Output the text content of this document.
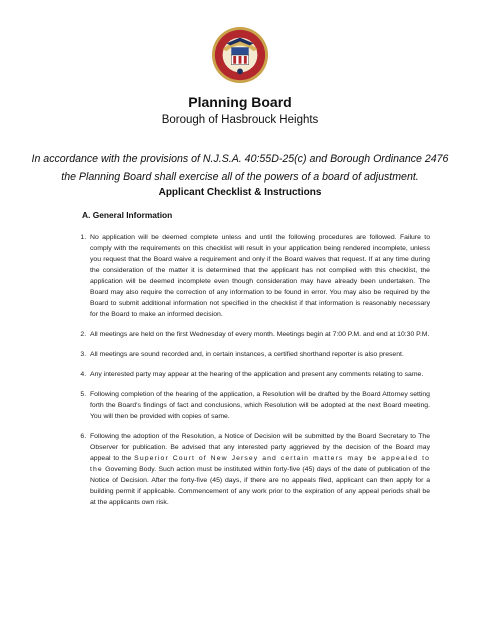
Planning Board
Borough of Hasbrouck Heights
In accordance with the provisions of N.J.S.A. 40:55D-25(c) and Borough Ordinance 2476 the Planning Board shall exercise all of the powers of a board of adjustment.
Applicant Checklist & Instructions
A. General Information
1. No application will be deemed complete unless and until the following procedures are followed. Failure to comply with the requirements on this checklist will result in your application being rendered incomplete, unless you request that the Board waive a requirement and only if the Board waives that request. If at any time during the consideration of the matter it is determined that the applicant has not complied with this checklist, the application will be deemed incomplete even though consideration may have already been undertaken. The Board may also require the correction of any information to be found in error. You may also be required by the Board to submit additional information not specified in the checklist if that information is reasonably necessary for the Board to make an informed decision.
2. All meetings are held on the first Wednesday of every month. Meetings begin at 7:00 P.M. and end at 10:30 P.M.
3. All meetings are sound recorded and, in certain instances, a certified shorthand reporter is also present.
4. Any interested party may appear at the hearing of the application and present any comments relating to same.
5. Following completion of the hearing of the application, a Resolution will be drafted by the Board Attorney setting forth the Board's findings of fact and conclusions, which Resolution will be adopted at the next Board meeting. You will then be provided with copies of same.
6. Following the adoption of the Resolution, a Notice of Decision will be submitted by the Board Secretary to The Observer for publication. Be advised that any interested party aggrieved by the decision of the Board may appeal to the Superior Court of New Jersey and certain matters may be appealed to the Governing Body. Such action must be instituted within forty-five (45) days of the date of publication of the Notice of Decision. After the forty-five (45) days, if there are no appeals filed, applicant can then apply for a building permit if applicable. Commencement of any work prior to the expiration of any appeal periods shall be at the applicants own risk.
